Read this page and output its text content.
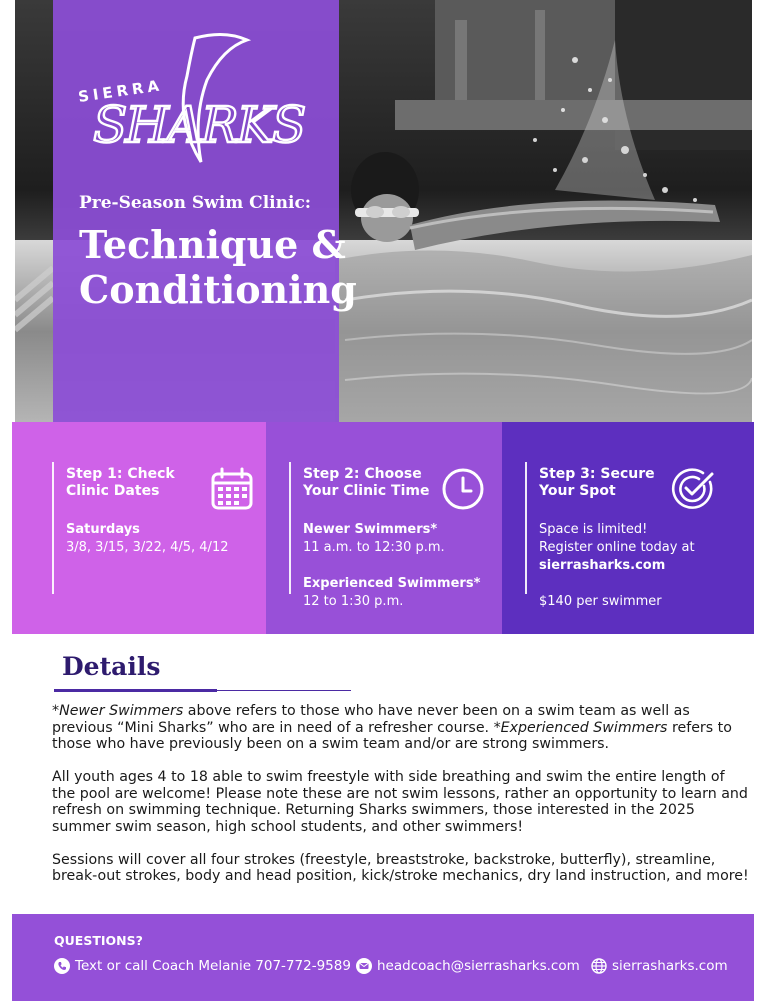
SIERRA
SHARKS
Pre-Season Swim Clinic:
Technique &
Conditioning
Step 1: Check
Clinic Dates
Saturdays
3/8, 3/15, 3/22, 4/5, 4/12
Step 2: Choose
Your Clinic Time
Newer Swimmers*
11 a.m. to 12:30 p.m.
Experienced Swimmers*
12 to 1:30 p.m.
Step 3: Secure
Your Spot
Space is limited!
Register online today at
sierrasharks.com
$140 per swimmer
Details

*Newer Swimmers above refers to those who have never been on a swim team as well as previous “Mini Sharks” who are in need of a refresher course. *Experienced Swimmers refers to those who have previously been on a swim team and/or are strong swimmers.

All youth ages 4 to 18 able to swim freestyle with side breathing and swim the entire length of the pool are welcome! Please note these are not swim lessons, rather an opportunity to learn and refresh on swimming technique. Returning Sharks swimmers, those interested in the 2025 summer swim season, high school students, and other swimmers!

Sessions will cover all four strokes (freestyle, breaststroke, backstroke, butterfly), streamline, break-out strokes, body and head position, kick/stroke mechanics, dry land instruction, and more!

QUESTIONS?
Text or call Coach Melanie 707-772-9589 headcoach@sierrasharks.com sierrasharks.com
